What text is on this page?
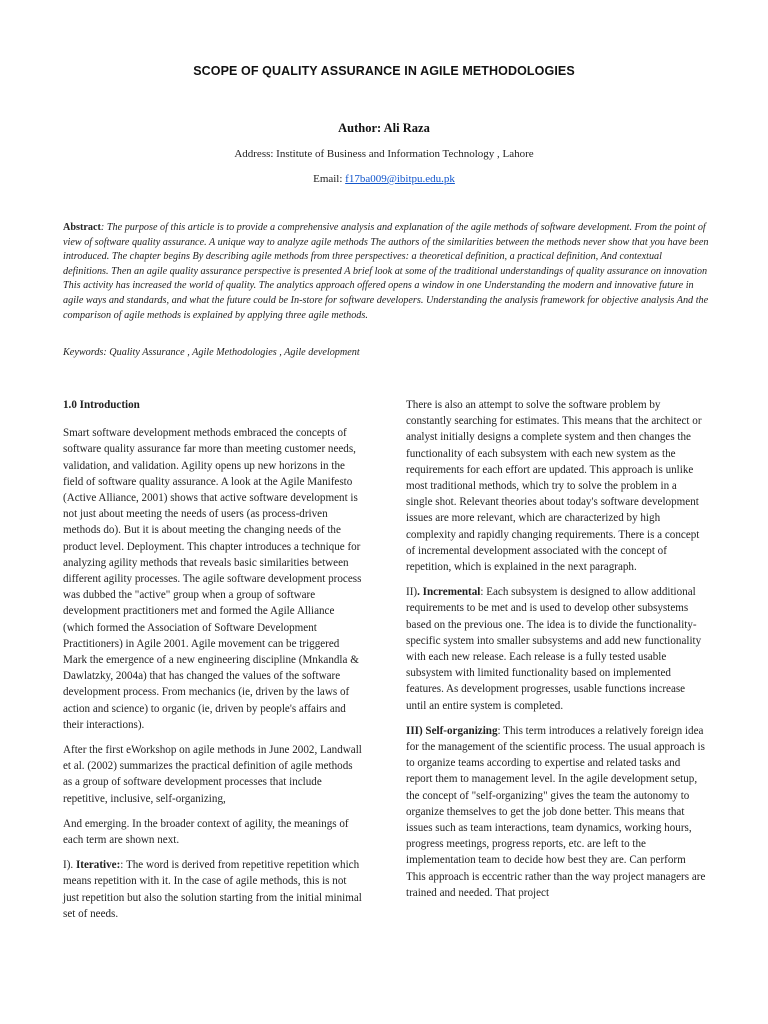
SCOPE OF QUALITY ASSURANCE IN AGILE METHODOLOGIES
Author: Ali Raza
Address: Institute of Business and Information Technology , Lahore
Email: f17ba009@ibitpu.edu.pk
Abstract: The purpose of this article is to provide a comprehensive analysis and explanation of the agile methods of software development. From the point of view of software quality assurance. A unique way to analyze agile methods The authors of the similarities between the methods never show that you have been introduced. The chapter begins By describing agile methods from three perspectives: a theoretical definition, a practical definition, And contextual definitions. Then an agile quality assurance perspective is presented A brief look at some of the traditional understandings of quality assurance on innovation This activity has increased the world of quality. The analytics approach offered opens a window in one Understanding the modern and innovative future in agile ways and standards, and what the future could be In-store for software developers. Understanding the analysis framework for objective analysis And the comparison of agile methods is explained by applying three agile methods.
Keywords: Quality Assurance , Agile Methodologies , Agile development

1.0 Introduction

Smart software development methods embraced the concepts of software quality assurance far more than meeting customer needs, validation, and validation. Agility opens up new horizons in the field of software quality assurance. A look at the Agile Manifesto (Active Alliance, 2001) shows that active software development is not just about meeting the needs of users (as process-driven methods do). But it is about meeting the changing needs of the product level. Deployment. This chapter introduces a technique for analyzing agility methods that reveals basic similarities between different agility processes. The agile software development process was dubbed the "active" group when a group of software development practitioners met and formed the Agile Alliance (which formed the Association of Software Development Practitioners) in Agile 2001. Agile movement can be triggered Mark the emergence of a new engineering discipline (Mnkandla & Dawlatzky, 2004a) that has changed the values of the software development process. From mechanics (ie, driven by the laws of action and science) to organic (ie, driven by people's affairs and their interactions).

After the first eWorkshop on agile methods in June 2002, Landwall et al. (2002) summarizes the practical definition of agile methods as a group of software development processes that include repetitive, inclusive, self-organizing,

And emerging. In the broader context of agility, the meanings of each term are shown next.

I). Iterative:: The word is derived from repetitive repetition which means repetition with it. In the case of agile methods, this is not just repetition but also the solution starting from the initial minimal set of needs.

There is also an attempt to solve the software problem by constantly searching for estimates. This means that the architect or analyst initially designs a complete system and then changes the functionality of each subsystem with each new system as the requirements for each effort are updated. This approach is unlike most traditional methods, which try to solve the problem in a single shot. Relevant theories about today's software development issues are more relevant, which are characterized by high complexity and rapidly changing requirements. There is a concept of incremental development associated with the concept of repetition, which is explained in the next paragraph.

II). Incremental: Each subsystem is designed to allow additional requirements to be met and is used to develop other subsystems based on the previous one. The idea is to divide the functionality-specific system into smaller subsystems and add new functionality with each new release. Each release is a fully tested usable subsystem with limited functionality based on implemented features. As development progresses, usable functions increase until an entire system is completed.

III) Self-organizing: This term introduces a relatively foreign idea for the management of the scientific process. The usual approach is to organize teams according to expertise and related tasks and report them to management level. In the agile development setup, the concept of "self-organizing" gives the team the autonomy to organize themselves to get the job done better. This means that issues such as team interactions, team dynamics, working hours, progress meetings, progress reports, etc. are left to the implementation team to decide how best they are. Can perform This approach is eccentric rather than the way project managers are trained and needed. That project
